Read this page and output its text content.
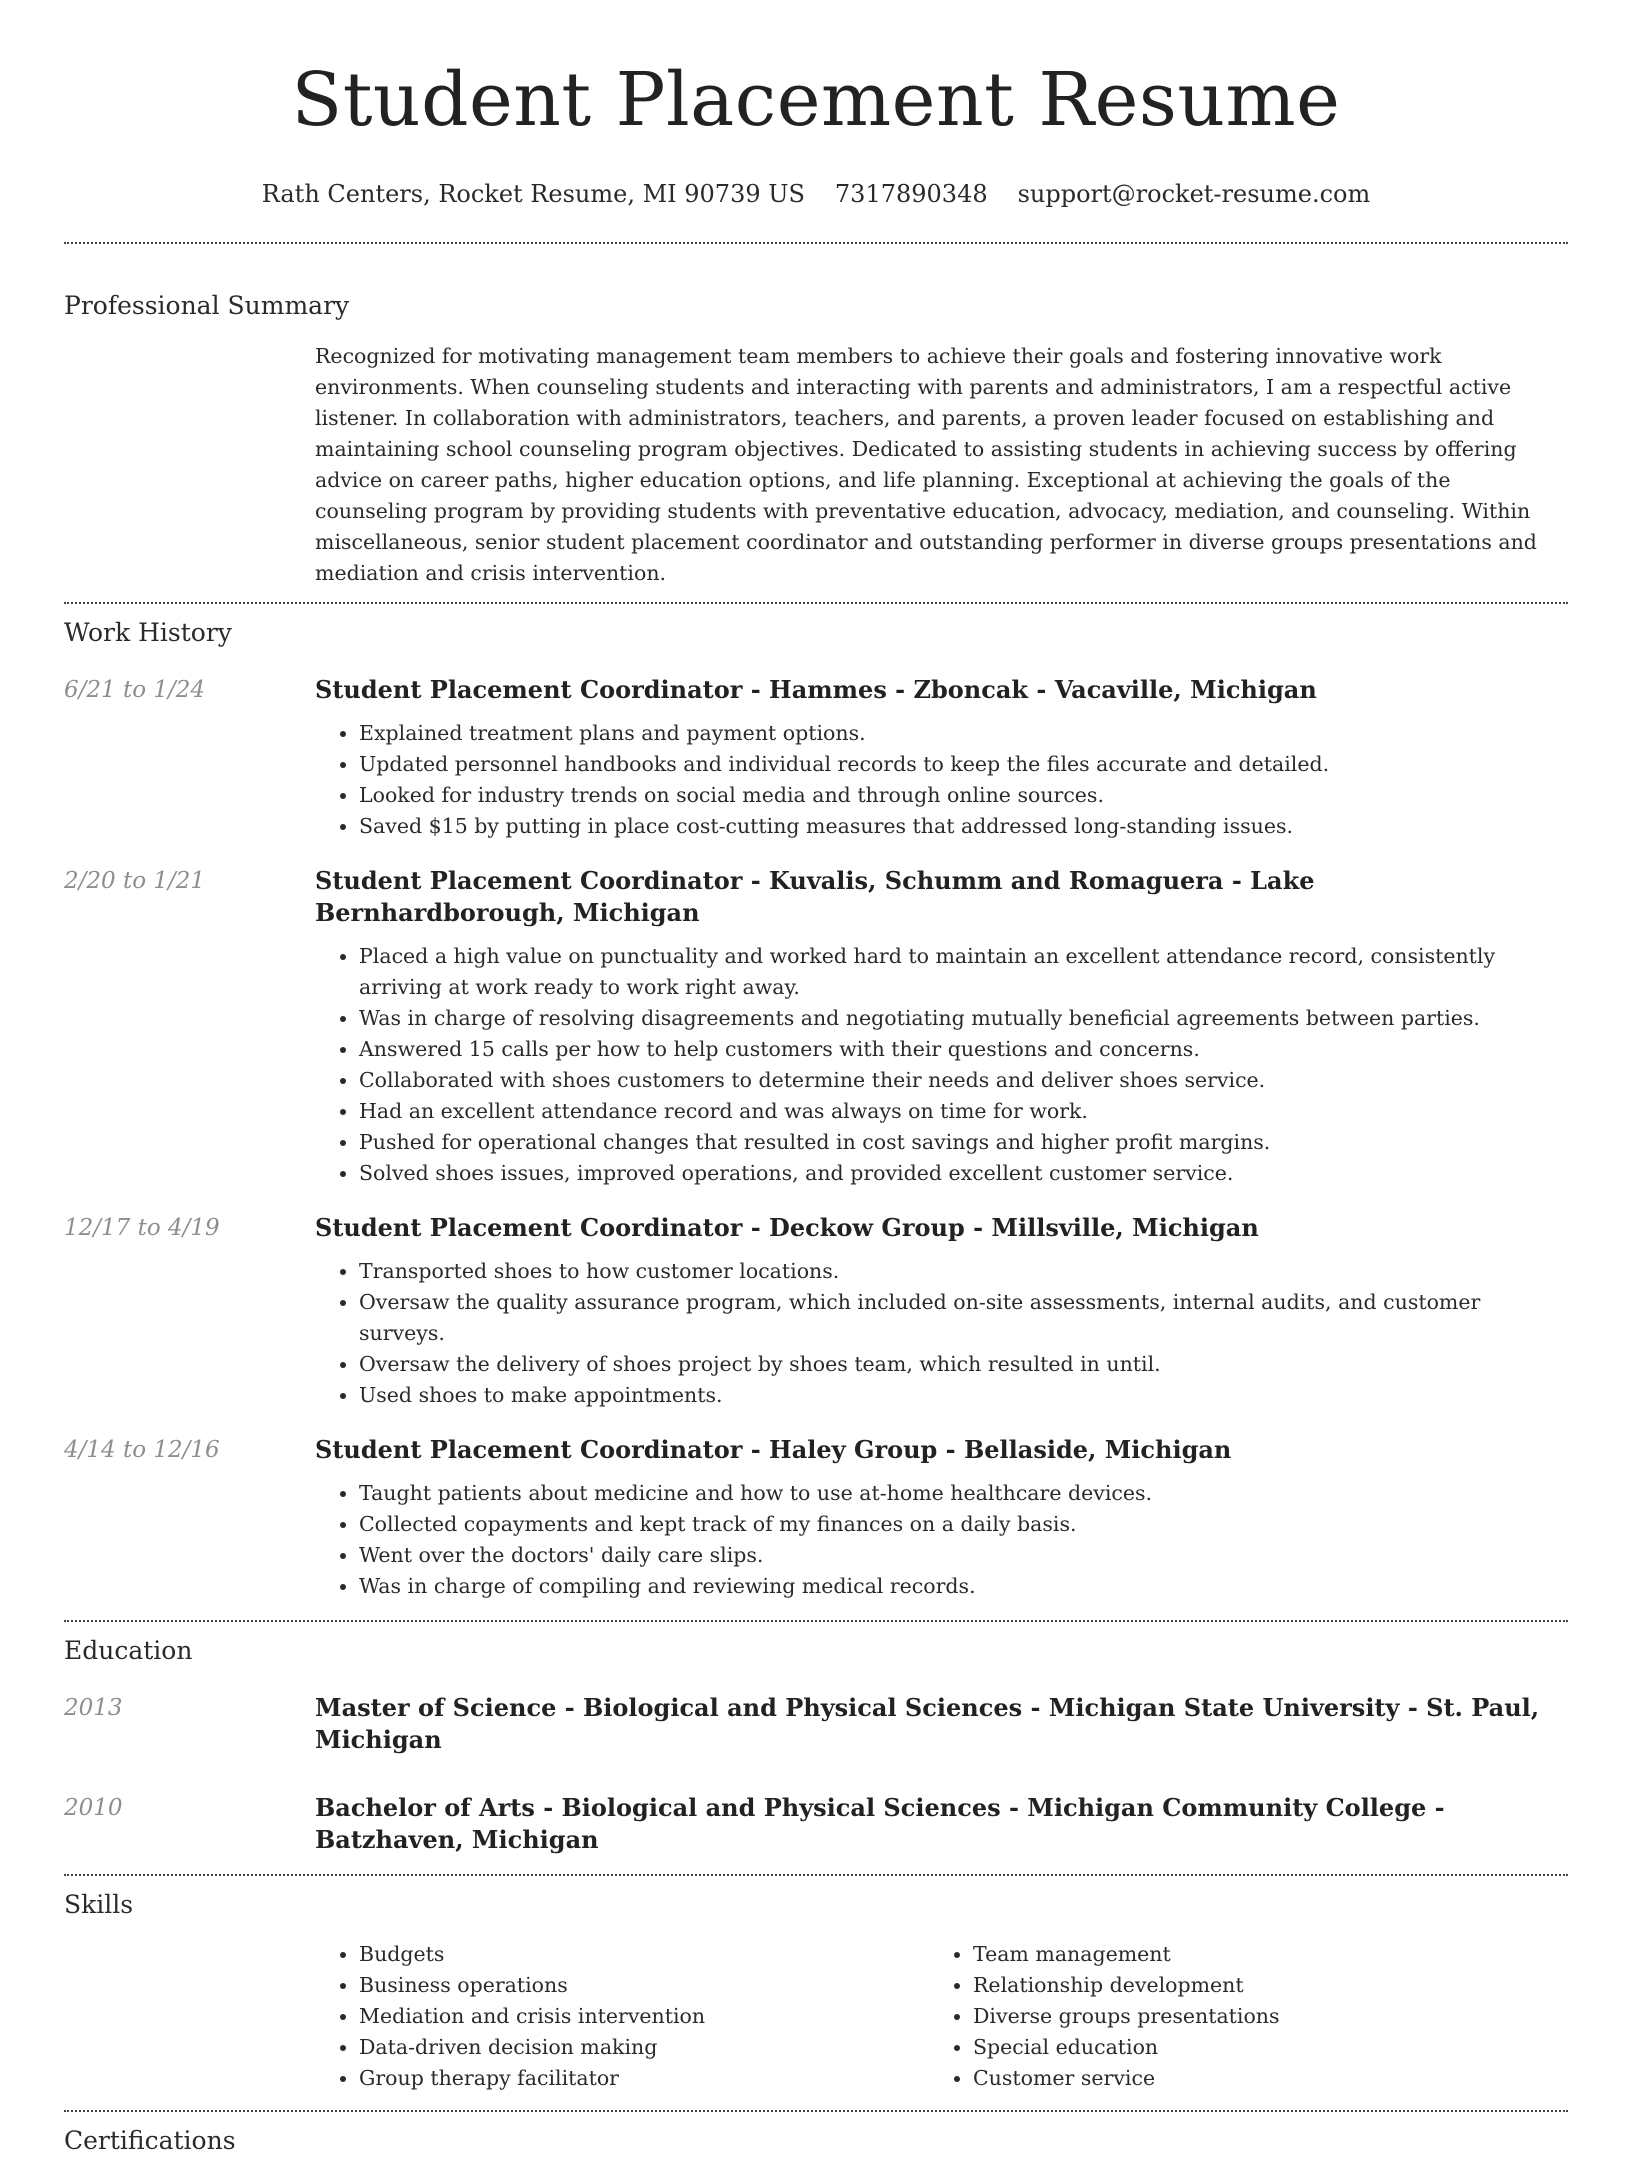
Student Placement Resume
Rath Centers, Rocket Resume, MI 90739 US 7317890348 support@rocket-resume.com
Professional Summary

Recognized for motivating management team members to achieve their goals and fostering innovative work environments. When counseling students and interacting with parents and administrators, I am a respectful active listener. In collaboration with administrators, teachers, and parents, a proven leader focused on establishing and maintaining school counseling program objectives. Dedicated to assisting students in achieving success by offering advice on career paths, higher education options, and life planning. Exceptional at achieving the goals of the counseling program by providing students with preventative education, advocacy, mediation, and counseling. Within miscellaneous, senior student placement coordinator and outstanding performer in diverse groups presentations and mediation and crisis intervention.

Work History
6/21 to 1/24	Student Placement Coordinator - Hammes - Zboncak - Vacaville, Michigan
• Explained treatment plans and payment options.
• Updated personnel handbooks and individual records to keep the files accurate and detailed.
• Looked for industry trends on social media and through online sources.
• Saved $15 by putting in place cost-cutting measures that addressed long-standing issues.
2/20 to 1/21	Student Placement Coordinator - Kuvalis, Schumm and Romaguera - Lake Bernhardborough, Michigan
• Placed a high value on punctuality and worked hard to maintain an excellent attendance record, consistently arriving at work ready to work right away.
• Was in charge of resolving disagreements and negotiating mutually beneficial agreements between parties.
• Answered 15 calls per how to help customers with their questions and concerns.
• Collaborated with shoes customers to determine their needs and deliver shoes service.
• Had an excellent attendance record and was always on time for work.
• Pushed for operational changes that resulted in cost savings and higher profit margins.
• Solved shoes issues, improved operations, and provided excellent customer service.
12/17 to 4/19	Student Placement Coordinator - Deckow Group - Millsville, Michigan
• Transported shoes to how customer locations.
• Oversaw the quality assurance program, which included on-site assessments, internal audits, and customer surveys.
• Oversaw the delivery of shoes project by shoes team, which resulted in until.
• Used shoes to make appointments.
4/14 to 12/16	Student Placement Coordinator - Haley Group - Bellaside, Michigan
• Taught patients about medicine and how to use at-home healthcare devices.
• Collected copayments and kept track of my finances on a daily basis.
• Went over the doctors' daily care slips.
• Was in charge of compiling and reviewing medical records.
Education
2013	Master of Science - Biological and Physical Sciences - Michigan State University - St. Paul, Michigan
2010	Bachelor of Arts - Biological and Physical Sciences - Michigan Community College - Batzhaven, Michigan
Skills
• Budgets
• Business operations
• Mediation and crisis intervention
• Data-driven decision making
• Group therapy facilitator
• Team management
• Relationship development
• Diverse groups presentations
• Special education
• Customer service
Certifications
